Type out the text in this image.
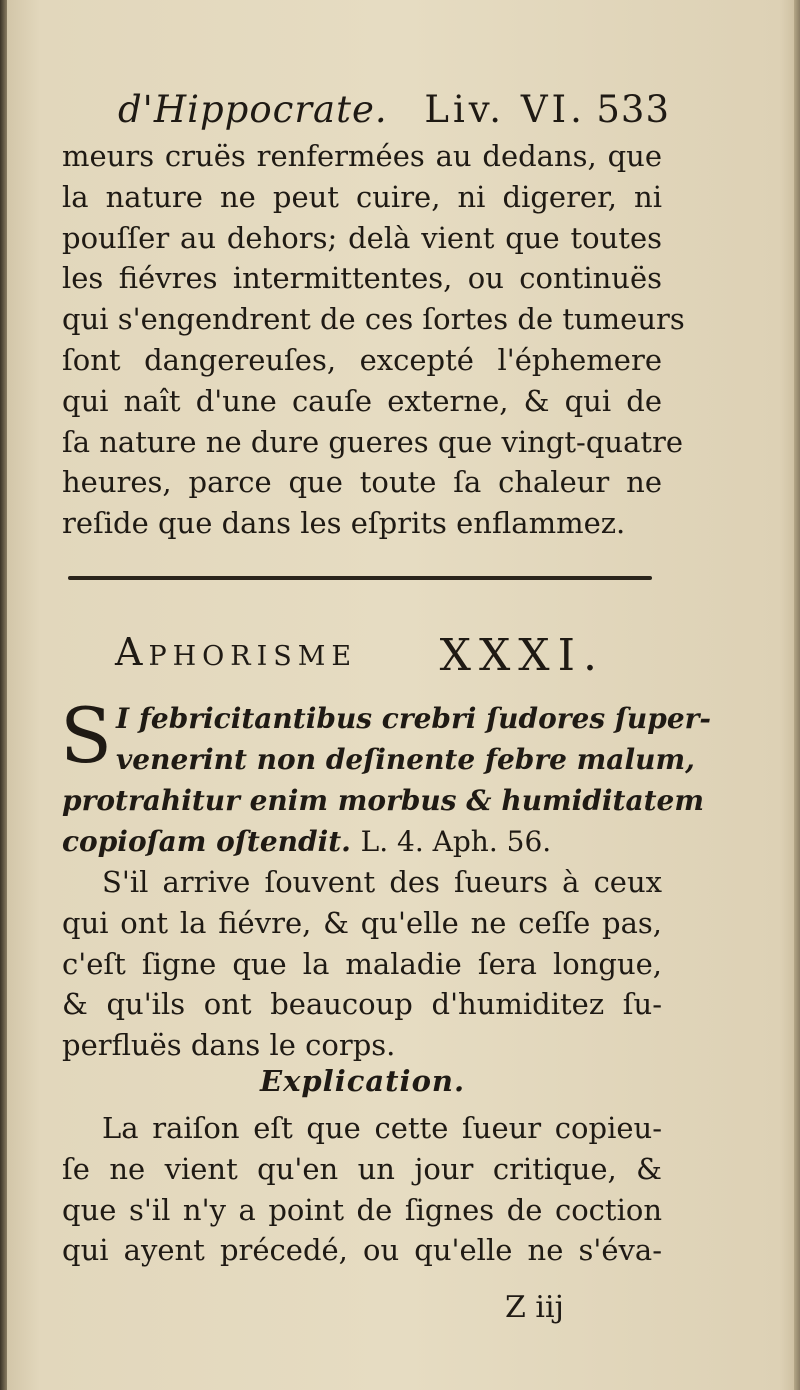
d'Hippocrate. Liv. VI. 533
meurs cruës renfermées au dedans, que
la nature ne peut cuire, ni digerer, ni
pouſſer au dehors; delà vient que toutes
les fiévres intermittentes, ou continuës
qui s'engendrent de ces ſortes de tumeurs
ſont dangereuſes, excepté l'éphemere
qui naît d'une cauſe externe, & qui de
ſa nature ne dure gueres que vingt-quatre
heures, parce que toute ſa chaleur ne
reſide que dans les eſprits enflammez.
Aphorisme XXXI.
S I febricitantibus crebri ſudores ſuper-
venerint non deſinente febre malum,
protrahitur enim morbus & humiditatem
copioſam oſtendit. L. 4. Aph. 56.
S'il arrive ſouvent des ſueurs à ceux
qui ont la fiévre, & qu'elle ne ceſſe pas,
c'eſt ſigne que la maladie ſera longue,
& qu'ils ont beaucoup d'humiditez ſu-
perfluës dans le corps.
Explication.
La raiſon eſt que cette ſueur copieu-
ſe ne vient qu'en un jour critique, &
que s'il n'y a point de ſignes de coction
qui ayent précedé, ou qu'elle ne s'éva-
Z iij
